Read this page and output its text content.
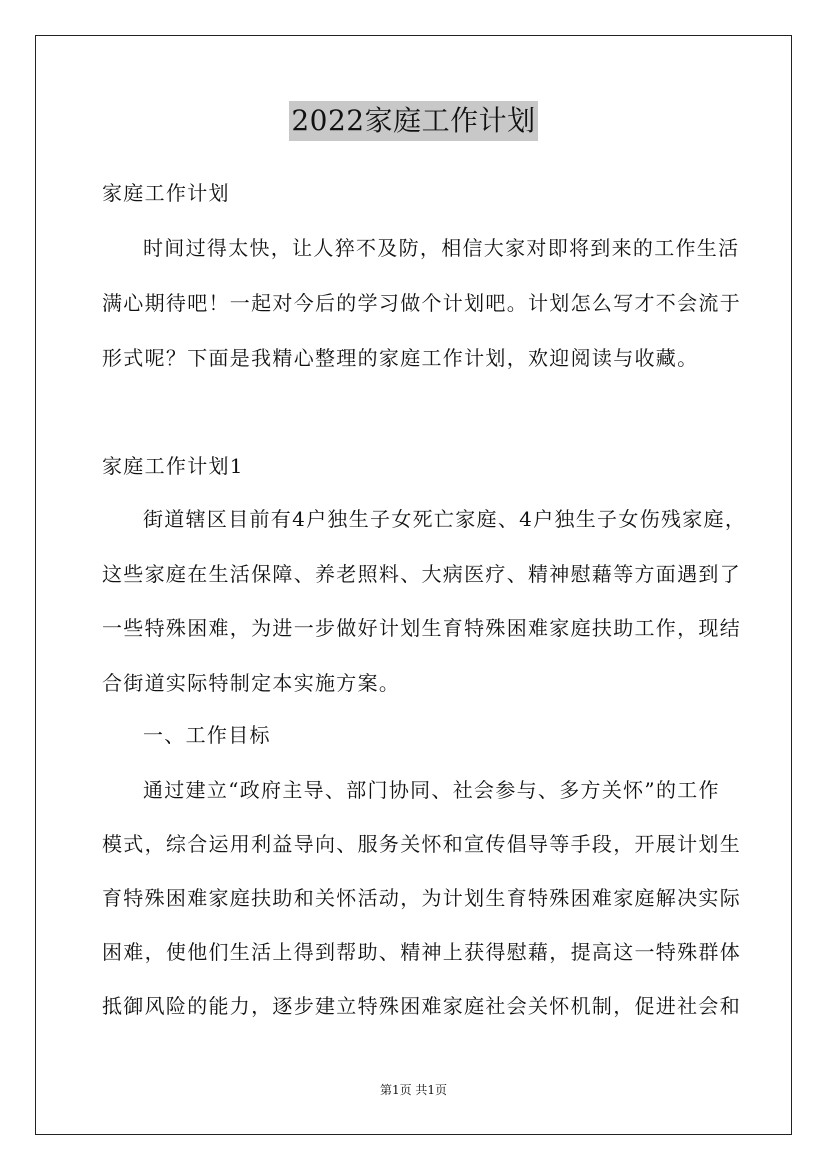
2022家庭工作计划
家庭工作计划
时间过得太快，让人猝不及防，相信大家对即将到来的工作生活
满心期待吧！一起对今后的学习做个计划吧。计划怎么写才不会流于
形式呢？下面是我精心整理的家庭工作计划，欢迎阅读与收藏。
家庭工作计划1
街道辖区目前有4户独生子女死亡家庭、4户独生子女伤残家庭，
这些家庭在生活保障、养老照料、大病医疗、精神慰藉等方面遇到了
一些特殊困难，为进一步做好计划生育特殊困难家庭扶助工作，现结
合街道实际特制定本实施方案。
一、工作目标
通过建立“政府主导、部门协同、社会参与、多方关怀”的工作
模式，综合运用利益导向、服务关怀和宣传倡导等手段，开展计划生
育特殊困难家庭扶助和关怀活动，为计划生育特殊困难家庭解决实际
困难，使他们生活上得到帮助、精神上获得慰藉，提高这一特殊群体
抵御风险的能力，逐步建立特殊困难家庭社会关怀机制，促进社会和
第1页 共1页
